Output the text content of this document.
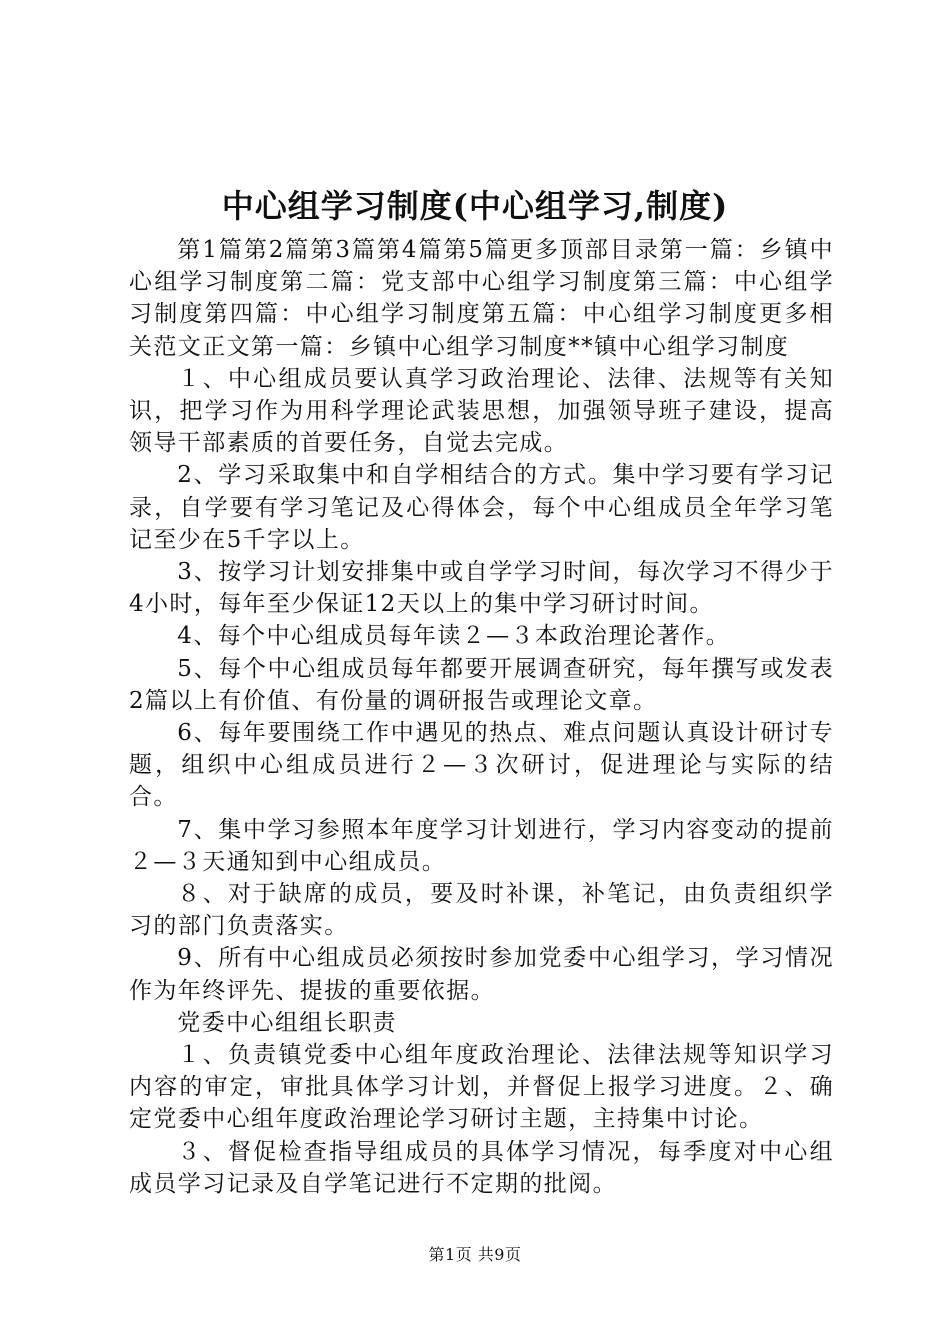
中心组学习制度(中心组学习,制度)

第1篇第2篇第3篇第4篇第5篇更多顶部目录第一篇：乡镇中心组学习制度第二篇：党支部中心组学习制度第三篇：中心组学习制度第四篇：中心组学习制度第五篇：中心组学习制度更多相关范文正文第一篇：乡镇中心组学习制度**镇中心组学习制度

１、中心组成员要认真学习政治理论、法律、法规等有关知识，把学习作为用科学理论武装思想，加强领导班子建设，提高领导干部素质的首要任务，自觉去完成。

2、学习采取集中和自学相结合的方式。集中学习要有学习记录，自学要有学习笔记及心得体会，每个中心组成员全年学习笔记至少在5千字以上。

3、按学习计划安排集中或自学学习时间，每次学习不得少于4小时，每年至少保证12天以上的集中学习研讨时间。

4、每个中心组成员每年读２—３本政治理论著作。

5、每个中心组成员每年都要开展调查研究，每年撰写或发表2篇以上有价值、有份量的调研报告或理论文章。

6、每年要围绕工作中遇见的热点、难点问题认真设计研讨专题，组织中心组成员进行２—３次研讨，促进理论与实际的结合。

7、集中学习参照本年度学习计划进行，学习内容变动的提前２—３天通知到中心组成员。

８、对于缺席的成员，要及时补课，补笔记，由负责组织学习的部门负责落实。

9、所有中心组成员必须按时参加党委中心组学习，学习情况作为年终评先、提拔的重要依据。

党委中心组组长职责

１、负责镇党委中心组年度政治理论、法律法规等知识学习内容的审定，审批具体学习计划，并督促上报学习进度。２、确定党委中心组年度政治理论学习研讨主题，主持集中讨论。

３、督促检查指导组成员的具体学习情况，每季度对中心组成员学习记录及自学笔记进行不定期的批阅。

第1页 共9页
